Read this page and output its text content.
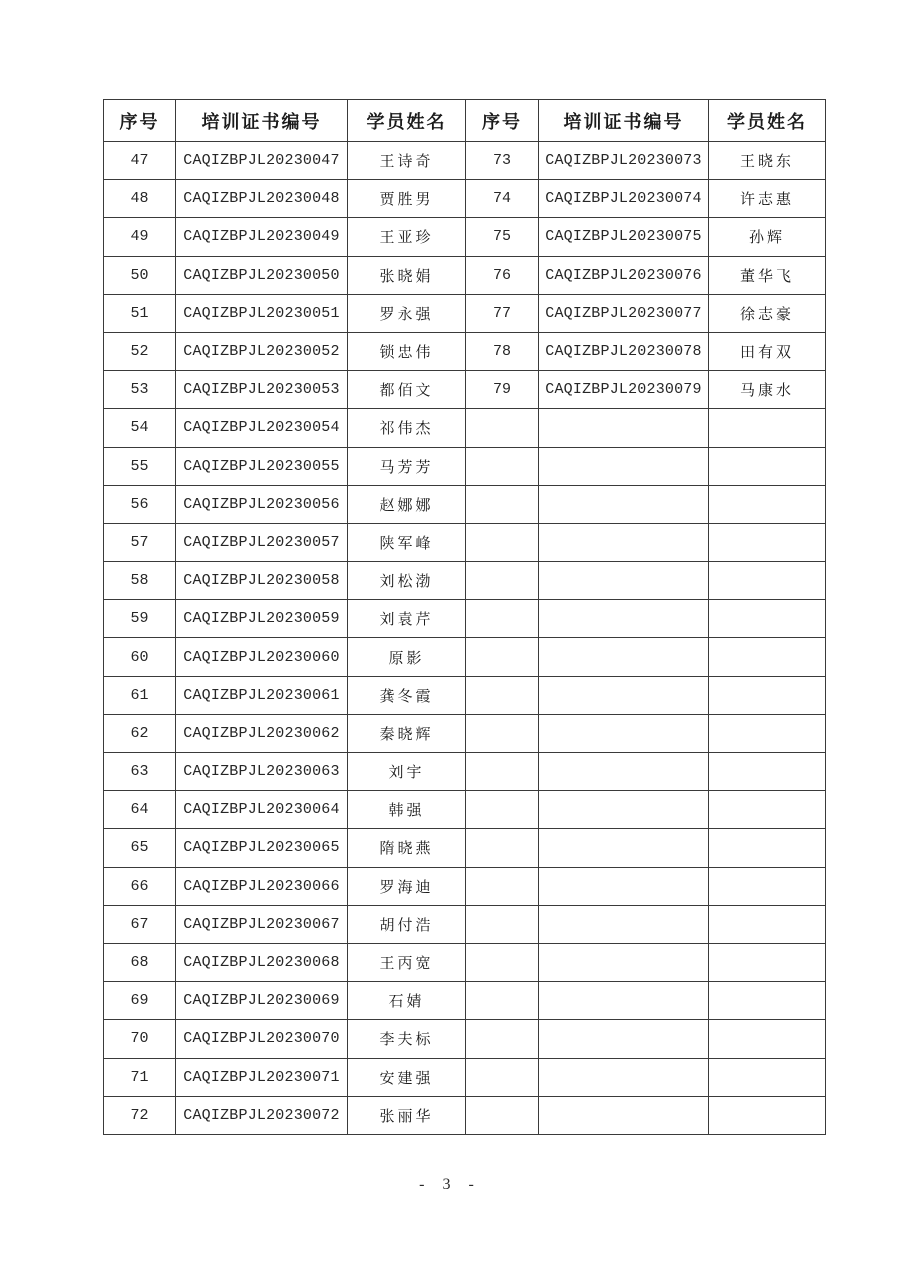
序号	培训证书编号	学员姓名	序号	培训证书编号	学员姓名
47	CAQIZBPJL20230047	王诗奇	73	CAQIZBPJL20230073	王晓东
48	CAQIZBPJL20230048	贾胜男	74	CAQIZBPJL20230074	许志惠
49	CAQIZBPJL20230049	王亚珍	75	CAQIZBPJL20230075	孙辉
50	CAQIZBPJL20230050	张晓娟	76	CAQIZBPJL20230076	董华飞
51	CAQIZBPJL20230051	罗永强	77	CAQIZBPJL20230077	徐志豪
52	CAQIZBPJL20230052	锁忠伟	78	CAQIZBPJL20230078	田有双
53	CAQIZBPJL20230053	都佰文	79	CAQIZBPJL20230079	马康水
54	CAQIZBPJL20230054	祁伟杰			
55	CAQIZBPJL20230055	马芳芳			
56	CAQIZBPJL20230056	赵娜娜			
57	CAQIZBPJL20230057	陕军峰			
58	CAQIZBPJL20230058	刘松渤			
59	CAQIZBPJL20230059	刘袁芹			
60	CAQIZBPJL20230060	原影			
61	CAQIZBPJL20230061	龚冬霞			
62	CAQIZBPJL20230062	秦晓辉			
63	CAQIZBPJL20230063	刘宇			
64	CAQIZBPJL20230064	韩强			
65	CAQIZBPJL20230065	隋晓燕			
66	CAQIZBPJL20230066	罗海迪			
67	CAQIZBPJL20230067	胡付浩			
68	CAQIZBPJL20230068	王丙宽			
69	CAQIZBPJL20230069	石婧			
70	CAQIZBPJL20230070	李夫标			
71	CAQIZBPJL20230071	安建强			
72	CAQIZBPJL20230072	张丽华			
- 3 -
